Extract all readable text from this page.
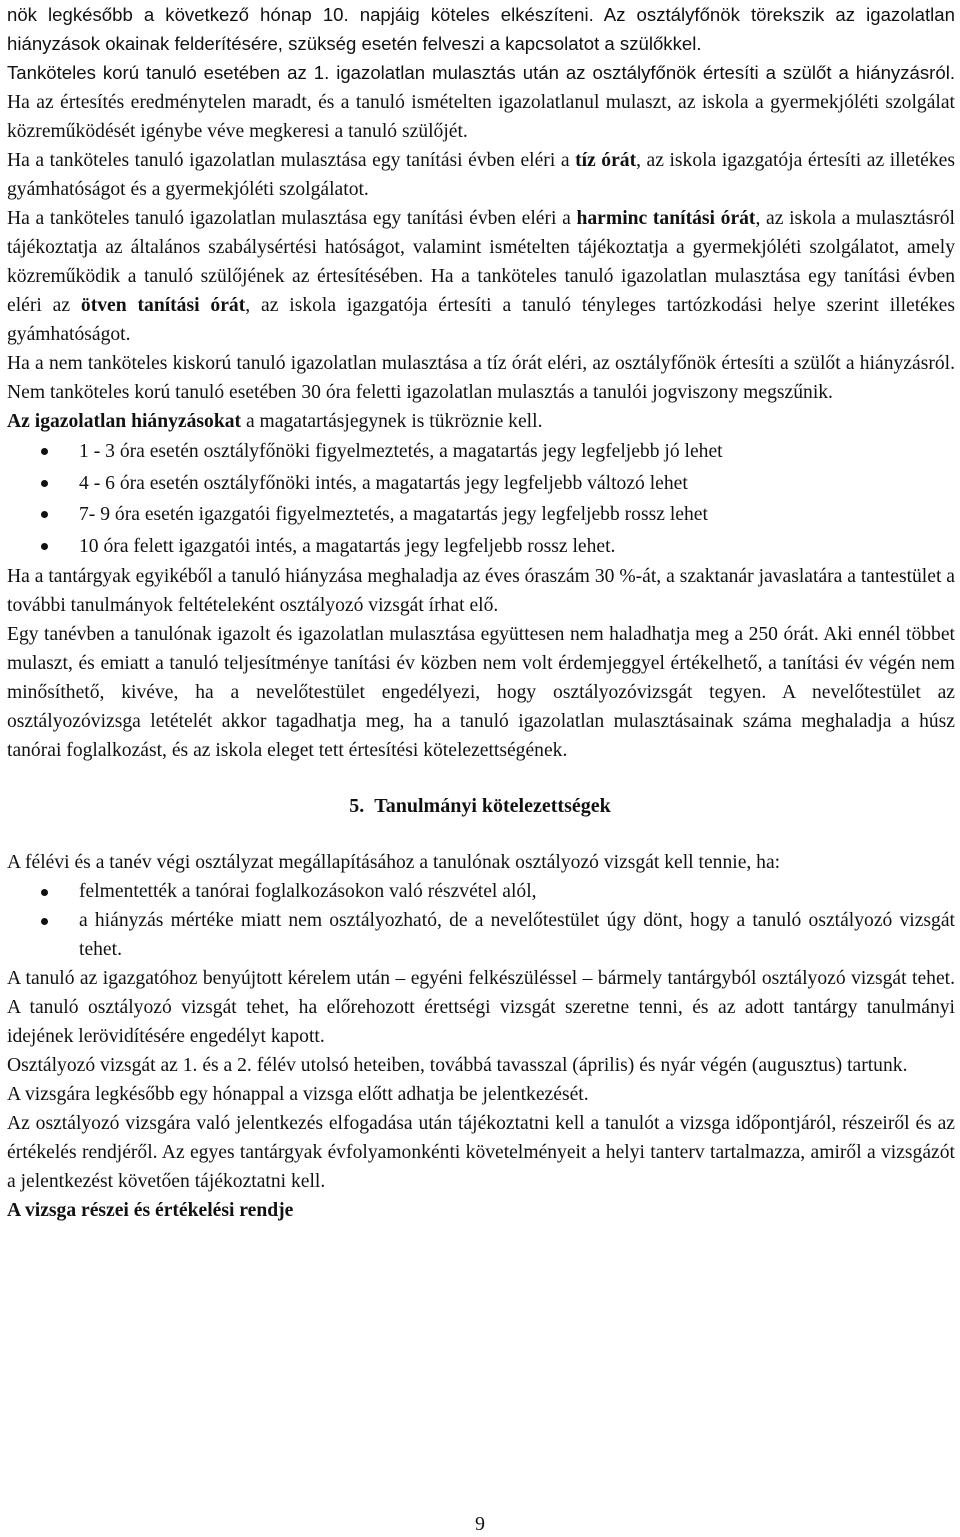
nök legkésőbb a következő hónap 10. napjáig köteles elkészíteni. Az osztályfőnök törekszik az igazolatlan hiányzások okainak felderítésére, szükség esetén felveszi a kapcsolatot a szülőkkel.

Tanköteles korú tanuló esetében az 1. igazolatlan mulasztás után az osztályfőnök értesíti a szülőt a hiányzásról. Ha az értesítés eredménytelen maradt, és a tanuló ismételten igazolatlanul mulaszt, az iskola a gyermekjóléti szolgálat közreműködését igénybe véve megkeresi a tanuló szülőjét.

Ha a tanköteles tanuló igazolatlan mulasztása egy tanítási évben eléri a tíz órát, az iskola igazgatója értesíti az illetékes gyámhatóságot és a gyermekjóléti szolgálatot.

Ha a tanköteles tanuló igazolatlan mulasztása egy tanítási évben eléri a harminc tanítási órát, az iskola a mulasztásról tájékoztatja az általános szabálysértési hatóságot, valamint ismételten tájékoztatja a gyermekjóléti szolgálatot, amely közreműködik a tanuló szülőjének az értesítésében. Ha a tanköteles tanuló igazolatlan mulasztása egy tanítási évben eléri az ötven tanítási órát, az iskola igazgatója értesíti a tanuló tényleges tartózkodási helye szerint illetékes gyámhatóságot.

Ha a nem tanköteles kiskorú tanuló igazolatlan mulasztása a tíz órát eléri, az osztályfőnök értesíti a szülőt a hiányzásról. Nem tanköteles korú tanuló esetében 30 óra feletti igazolatlan mulasztás a tanulói jogviszony megszűnik.

Az igazolatlan hiányzásokat a magatartásjegynek is tükröznie kell.

1 - 3 óra esetén osztályfőnöki figyelmeztetés, a magatartás jegy legfeljebb jó lehet
4 - 6 óra esetén osztályfőnöki intés, a magatartás jegy legfeljebb változó lehet
7- 9 óra esetén igazgatói figyelmeztetés, a magatartás jegy legfeljebb rossz lehet
10 óra felett igazgatói intés, a magatartás jegy legfeljebb rossz lehet.

Ha a tantárgyak egyikéből a tanuló hiányzása meghaladja az éves óraszám 30 %-át, a szaktanár javaslatára a tantestület a további tanulmányok feltételeként osztályozó vizsgát írhat elő.

Egy tanévben a tanulónak igazolt és igazolatlan mulasztása együttesen nem haladhatja meg a 250 órát. Aki ennél többet mulaszt, és emiatt a tanuló teljesítménye tanítási év közben nem volt érdemjeggyel értékelhető, a tanítási év végén nem minősíthető, kivéve, ha a nevelőtestület engedélyezi, hogy osztályozóvizsgát tegyen. A nevelőtestület az osztályozóvizsga letételét akkor tagadhatja meg, ha a tanuló igazolatlan mulasztásainak száma meghaladja a húsz tanórai foglalkozást, és az iskola eleget tett értesítési kötelezettségének.

5. Tanulmányi kötelezettségek

A félévi és a tanév végi osztályzat megállapításához a tanulónak osztályozó vizsgát kell tennie, ha:

felmentették a tanórai foglalkozásokon való részvétel alól,
a hiányzás mértéke miatt nem osztályozható, de a nevelőtestület úgy dönt, hogy a tanuló osztályozó vizsgát tehet.

A tanuló az igazgatóhoz benyújtott kérelem után ‒ egyéni felkészüléssel ‒ bármely tantárgyból osztályozó vizsgát tehet. A tanuló osztályozó vizsgát tehet, ha előrehozott érettségi vizsgát szeretne tenni, és az adott tantárgy tanulmányi idejének lerövidítésére engedélyt kapott.

Osztályozó vizsgát az 1. és a 2. félév utolsó heteiben, továbbá tavasszal (április) és nyár végén (augusztus) tartunk.

A vizsgára legkésőbb egy hónappal a vizsga előtt adhatja be jelentkezését.

Az osztályozó vizsgára való jelentkezés elfogadása után tájékoztatni kell a tanulót a vizsga időpontjáról, részeiről és az értékelés rendjéről. Az egyes tantárgyak évfolyamonkénti követelményeit a helyi tanterv tartalmazza, amiről a vizsgázót a jelentkezést követően tájékoztatni kell.

A vizsga részei és értékelési rendje

9
